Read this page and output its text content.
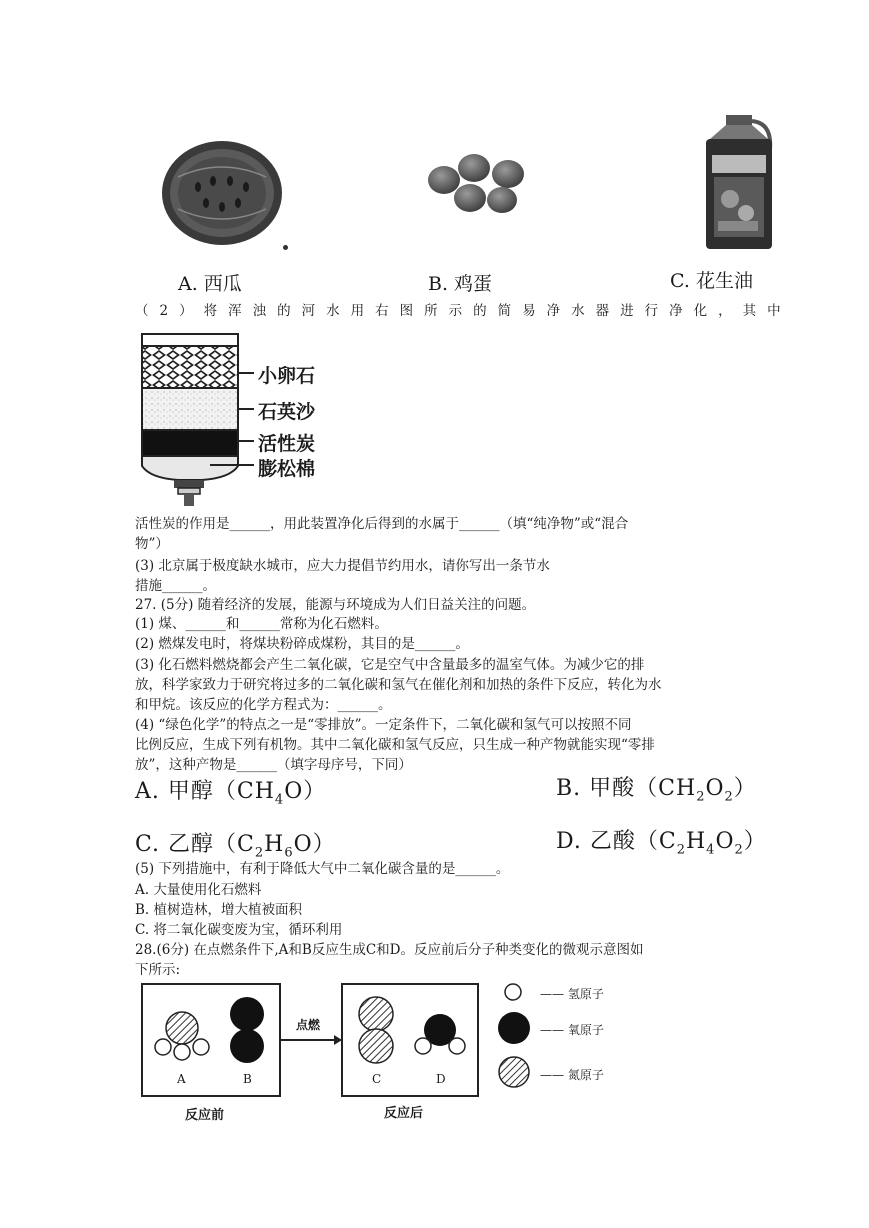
A. 西瓜	B. 鸡蛋	C. 花生油
（2）将浑浊的河水用右图所示的简易净水器进行净化，其中
小卵石
石英沙
活性炭
膨松棉
活性炭的作用是______，用此装置净化后得到的水属于______（填“纯净物”或“混合
物”）
(3) 北京属于极度缺水城市，应大力提倡节约用水，请你写出一条节水
措施______。
27. (5分) 随着经济的发展，能源与环境成为人们日益关注的问题。
(1) 煤、______和______常称为化石燃料。
(2) 燃煤发电时，将煤块粉碎成煤粉，其目的是______。
(3) 化石燃料燃烧都会产生二氧化碳，它是空气中含量最多的温室气体。为减少它的排
放，科学家致力于研究将过多的二氧化碳和氢气在催化剂和加热的条件下反应，转化为水
和甲烷。该反应的化学方程式为：______。
(4) “绿色化学”的特点之一是“零排放”。一定条件下，二氧化碳和氢气可以按照不同
比例反应，生成下列有机物。其中二氧化碳和氢气反应，只生成一种产物就能实现“零排
放”，这种产物是______（填字母序号，下同）
A. 甲醇$(CH_4O)$	B. 甲酸$(CH_2O_2)$
C. 乙醇$(C_2H_6O)$	D. 乙酸$(C_2H_4O_2)$
(5) 下列措施中，有利于降低大气中二氧化碳含量的是______。
A. 大量使用化石燃料
B. 植树造林，增大植被面积
C. 将二氧化碳变废为宝，循环利用
28.(6分) 在点燃条件下,A和B反应生成C和D。反应前后分子种类变化的微观示意图如
下所示:
A	B	C	D
点燃
反应前	反应后
—— 氢原子
—— 氧原子
—— 氮原子
